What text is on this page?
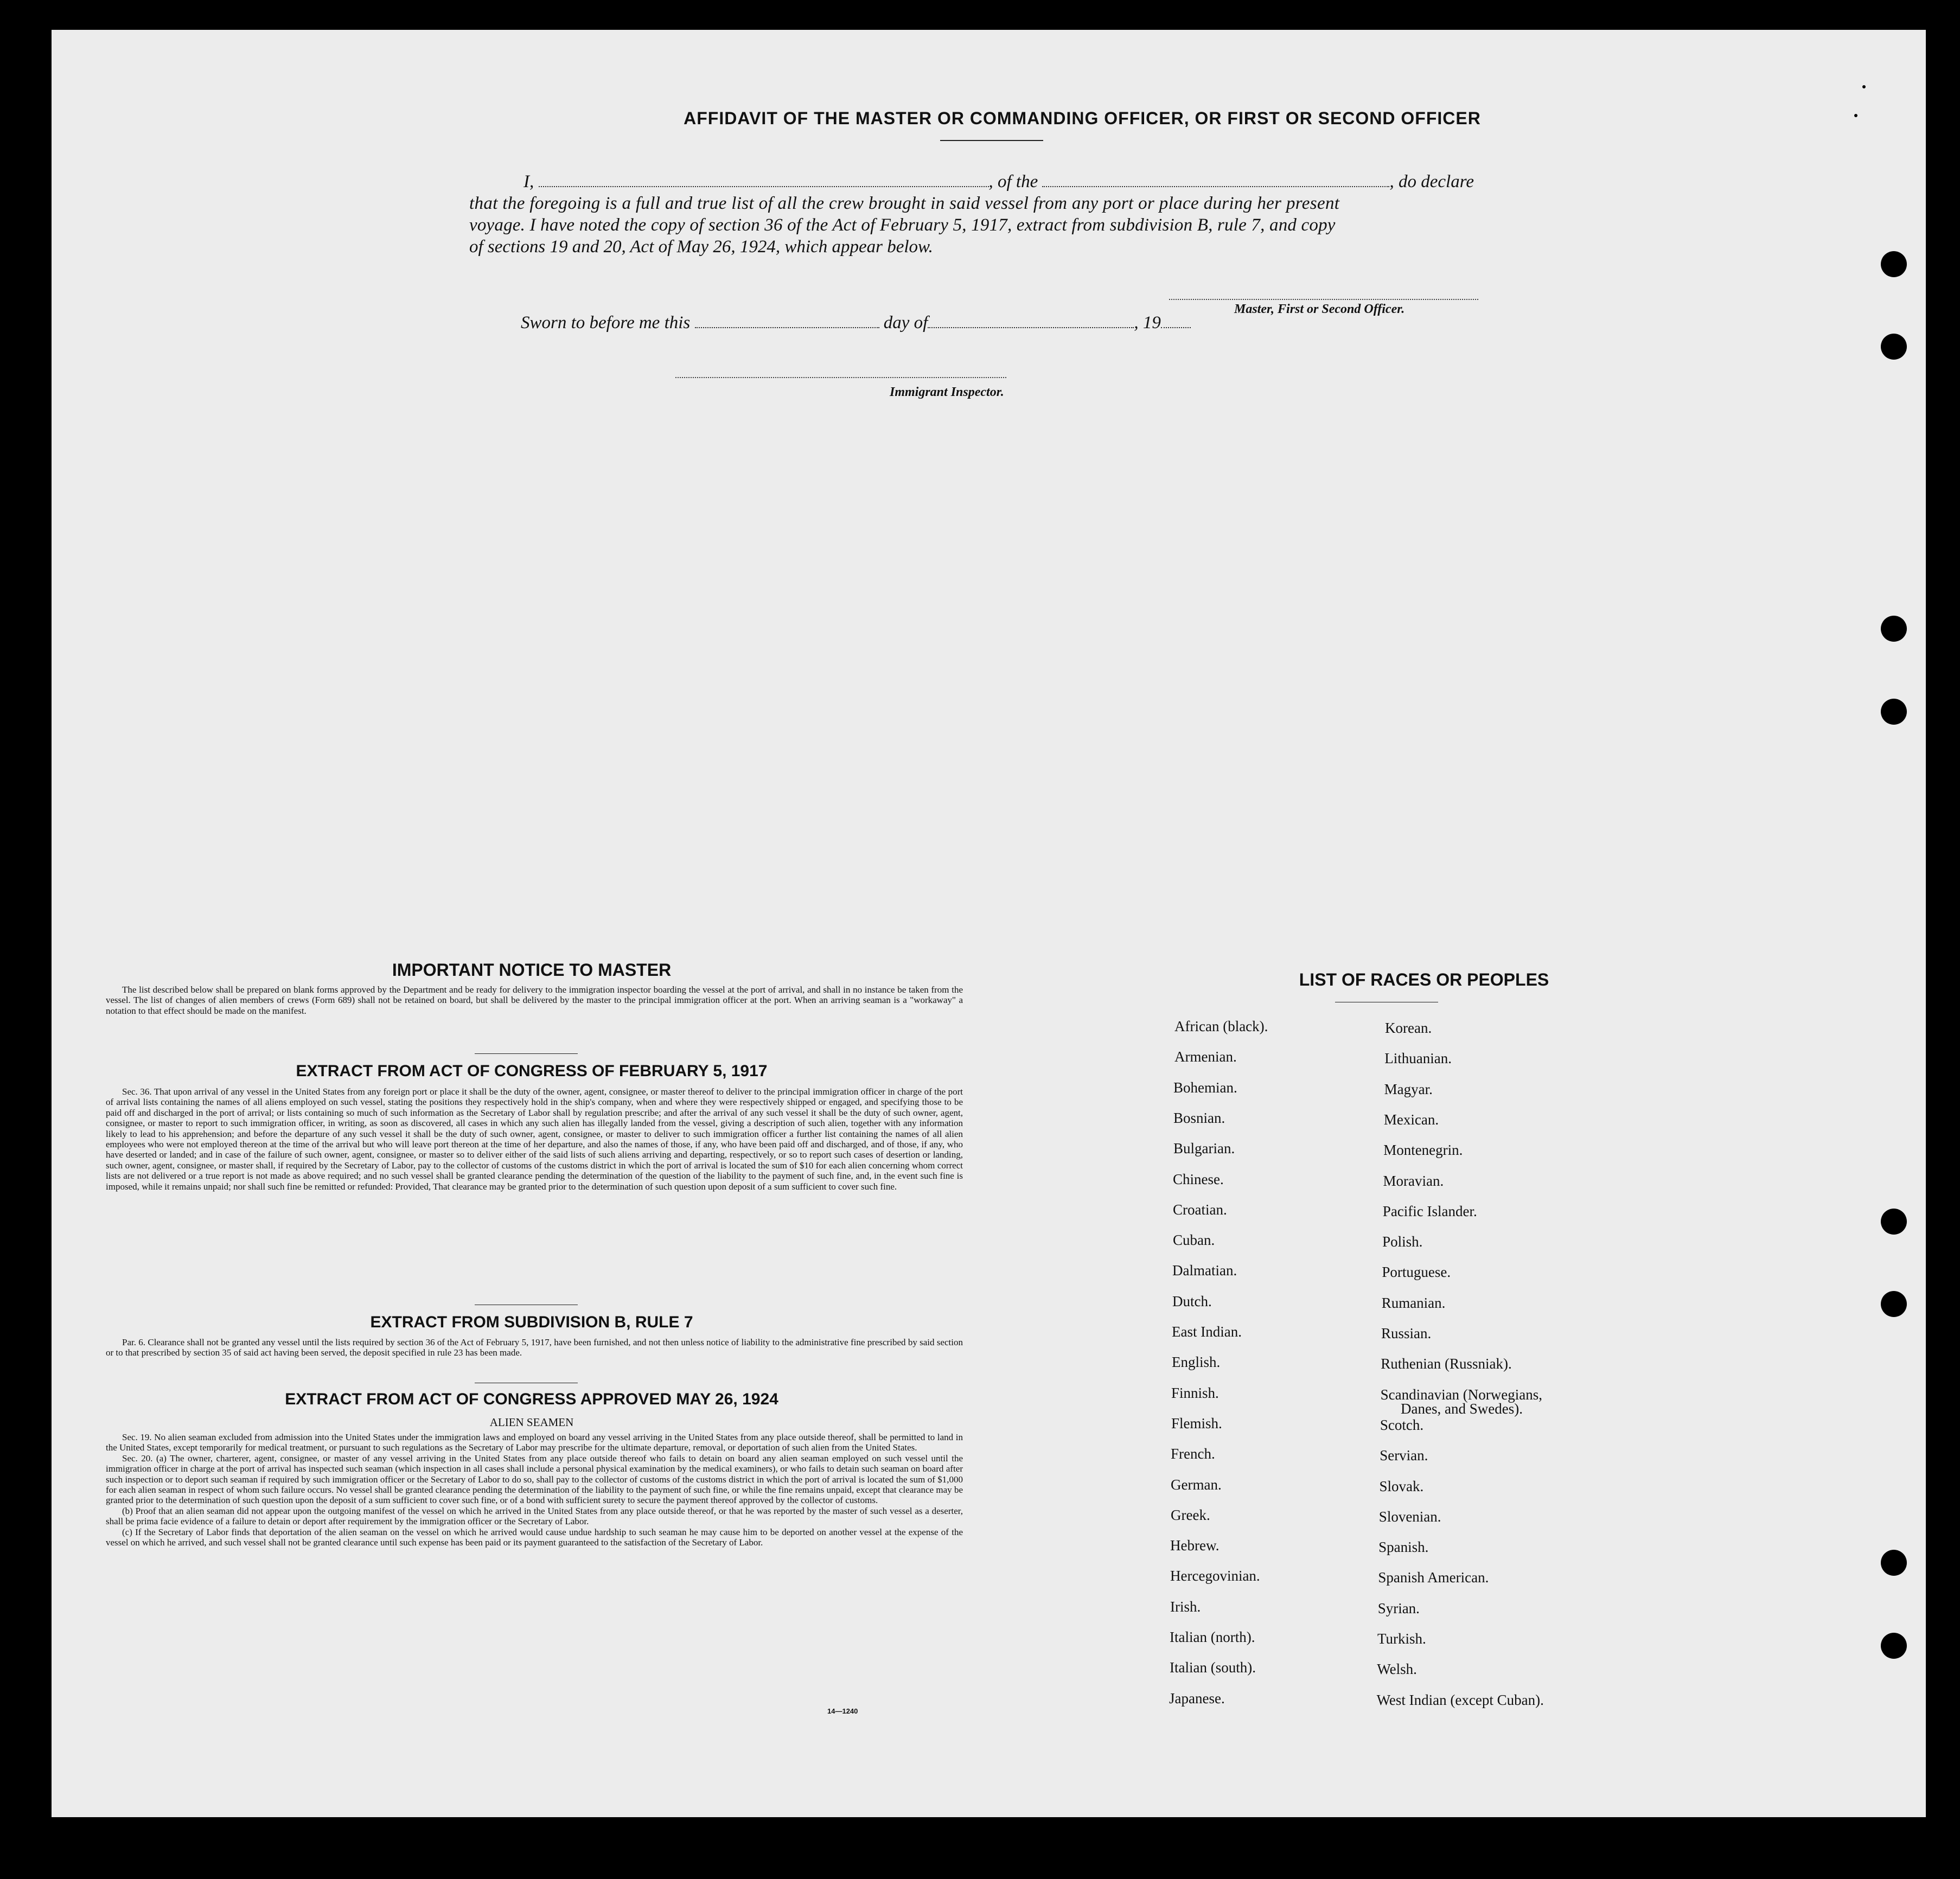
AFFIDAVIT OF THE MASTER OR COMMANDING OFFICER, OR FIRST OR SECOND OFFICER
I,	, of the	, do declare
that the foregoing is a full and true list of all the crew brought in said vessel from any port or place during her present
voyage. I have noted the copy of section 36 of the Act of February 5, 1917, extract from subdivision B, rule 7, and copy
of sections 19 and 20, Act of May 26, 1924, which appear below.
Master, First or Second Officer.
Sworn to before me this	day of	, 19
Immigrant Inspector.
IMPORTANT NOTICE TO MASTER

The list described below shall be prepared on blank forms approved by the Department and be ready for delivery to the immigration inspector boarding the vessel at the port of arrival, and shall in no instance be taken from the vessel. The list of changes of alien members of crews (Form 689) shall not be retained on board, but shall be delivered by the master to the principal immigration officer at the port. When an arriving seaman is a "workaway" a notation to that effect should be made on the manifest.

EXTRACT FROM ACT OF CONGRESS OF FEBRUARY 5, 1917

Sec. 36. That upon arrival of any vessel in the United States from any foreign port or place it shall be the duty of the owner, agent, consignee, or master thereof to deliver to the principal immigration officer in charge of the port of arrival lists containing the names of all aliens employed on such vessel, stating the positions they respectively hold in the ship's company, when and where they were respectively shipped or engaged, and specifying those to be paid off and discharged in the port of arrival; or lists containing so much of such information as the Secretary of Labor shall by regulation prescribe; and after the arrival of any such vessel it shall be the duty of such owner, agent, consignee, or master to report to such immigration officer, in writing, as soon as discovered, all cases in which any such alien has illegally landed from the vessel, giving a description of such alien, together with any information likely to lead to his apprehension; and before the departure of any such vessel it shall be the duty of such owner, agent, consignee, or master to deliver to such immigration officer a further list containing the names of all alien employees who were not employed thereon at the time of the arrival but who will leave port thereon at the time of her departure, and also the names of those, if any, who have been paid off and discharged, and of those, if any, who have deserted or landed; and in case of the failure of such owner, agent, consignee, or master so to deliver either of the said lists of such aliens arriving and departing, respectively, or so to report such cases of desertion or landing, such owner, agent, consignee, or master shall, if required by the Secretary of Labor, pay to the collector of customs of the customs district in which the port of arrival is located the sum of $10 for each alien concerning whom correct lists are not delivered or a true report is not made as above required; and no such vessel shall be granted clearance pending the determination of the question of the liability to the payment of such fine, and, in the event such fine is imposed, while it remains unpaid; nor shall such fine be remitted or refunded: Provided, That clearance may be granted prior to the determination of such question upon deposit of a sum sufficient to cover such fine.

EXTRACT FROM SUBDIVISION B, RULE 7

Par. 6. Clearance shall not be granted any vessel until the lists required by section 36 of the Act of February 5, 1917, have been furnished, and not then unless notice of liability to the administrative fine prescribed by said section or to that prescribed by section 35 of said act having been served, the deposit specified in rule 23 has been made.

EXTRACT FROM ACT OF CONGRESS APPROVED MAY 26, 1924
ALIEN SEAMEN

Sec. 19. No alien seaman excluded from admission into the United States under the immigration laws and employed on board any vessel arriving in the United States from any place outside thereof, shall be permitted to land in the United States, except temporarily for medical treatment, or pursuant to such regulations as the Secretary of Labor may prescribe for the ultimate departure, removal, or deportation of such alien from the United States.

Sec. 20. (a) The owner, charterer, agent, consignee, or master of any vessel arriving in the United States from any place outside thereof who fails to detain on board any alien seaman employed on such vessel until the immigration officer in charge at the port of arrival has inspected such seaman (which inspection in all cases shall include a personal physical examination by the medical examiners), or who fails to detain such seaman on board after such inspection or to deport such seaman if required by such immigration officer or the Secretary of Labor to do so, shall pay to the collector of customs of the customs district in which the port of arrival is located the sum of $1,000 for each alien seaman in respect of whom such failure occurs. No vessel shall be granted clearance pending the determination of the liability to the payment of such fine, or while the fine remains unpaid, except that clearance may be granted prior to the determination of such question upon the deposit of a sum sufficient to cover such fine, or of a bond with sufficient surety to secure the payment thereof approved by the collector of customs.

(b) Proof that an alien seaman did not appear upon the outgoing manifest of the vessel on which he arrived in the United States from any place outside thereof, or that he was reported by the master of such vessel as a deserter, shall be prima facie evidence of a failure to detain or deport after requirement by the immigration officer or the Secretary of Labor.

(c) If the Secretary of Labor finds that deportation of the alien seaman on the vessel on which he arrived would cause undue hardship to such seaman he may cause him to be deported on another vessel at the expense of the vessel on which he arrived, and such vessel shall not be granted clearance until such expense has been paid or its payment guaranteed to the satisfaction of the Secretary of Labor.

14—1240
LIST OF RACES OR PEOPLES
African (black).
Armenian.
Bohemian.
Bosnian.
Bulgarian.
Chinese.
Croatian.
Cuban.
Dalmatian.
Dutch.
East Indian.
English.
Finnish.
Flemish.
French.
German.
Greek.
Hebrew.
Hercegovinian.
Irish.
Italian (north).
Italian (south).
Japanese.
Korean.
Lithuanian.
Magyar.
Mexican.
Montenegrin.
Moravian.
Pacific Islander.
Polish.
Portuguese.
Rumanian.
Russian.
Ruthenian (Russniak).
Scandinavian (Norwegians,
Scotch.
Servian.
Slovak.
Slovenian.
Spanish.
Spanish American.
Syrian.
Turkish.
Welsh.
West Indian (except Cuban).
Danes, and Swedes).
